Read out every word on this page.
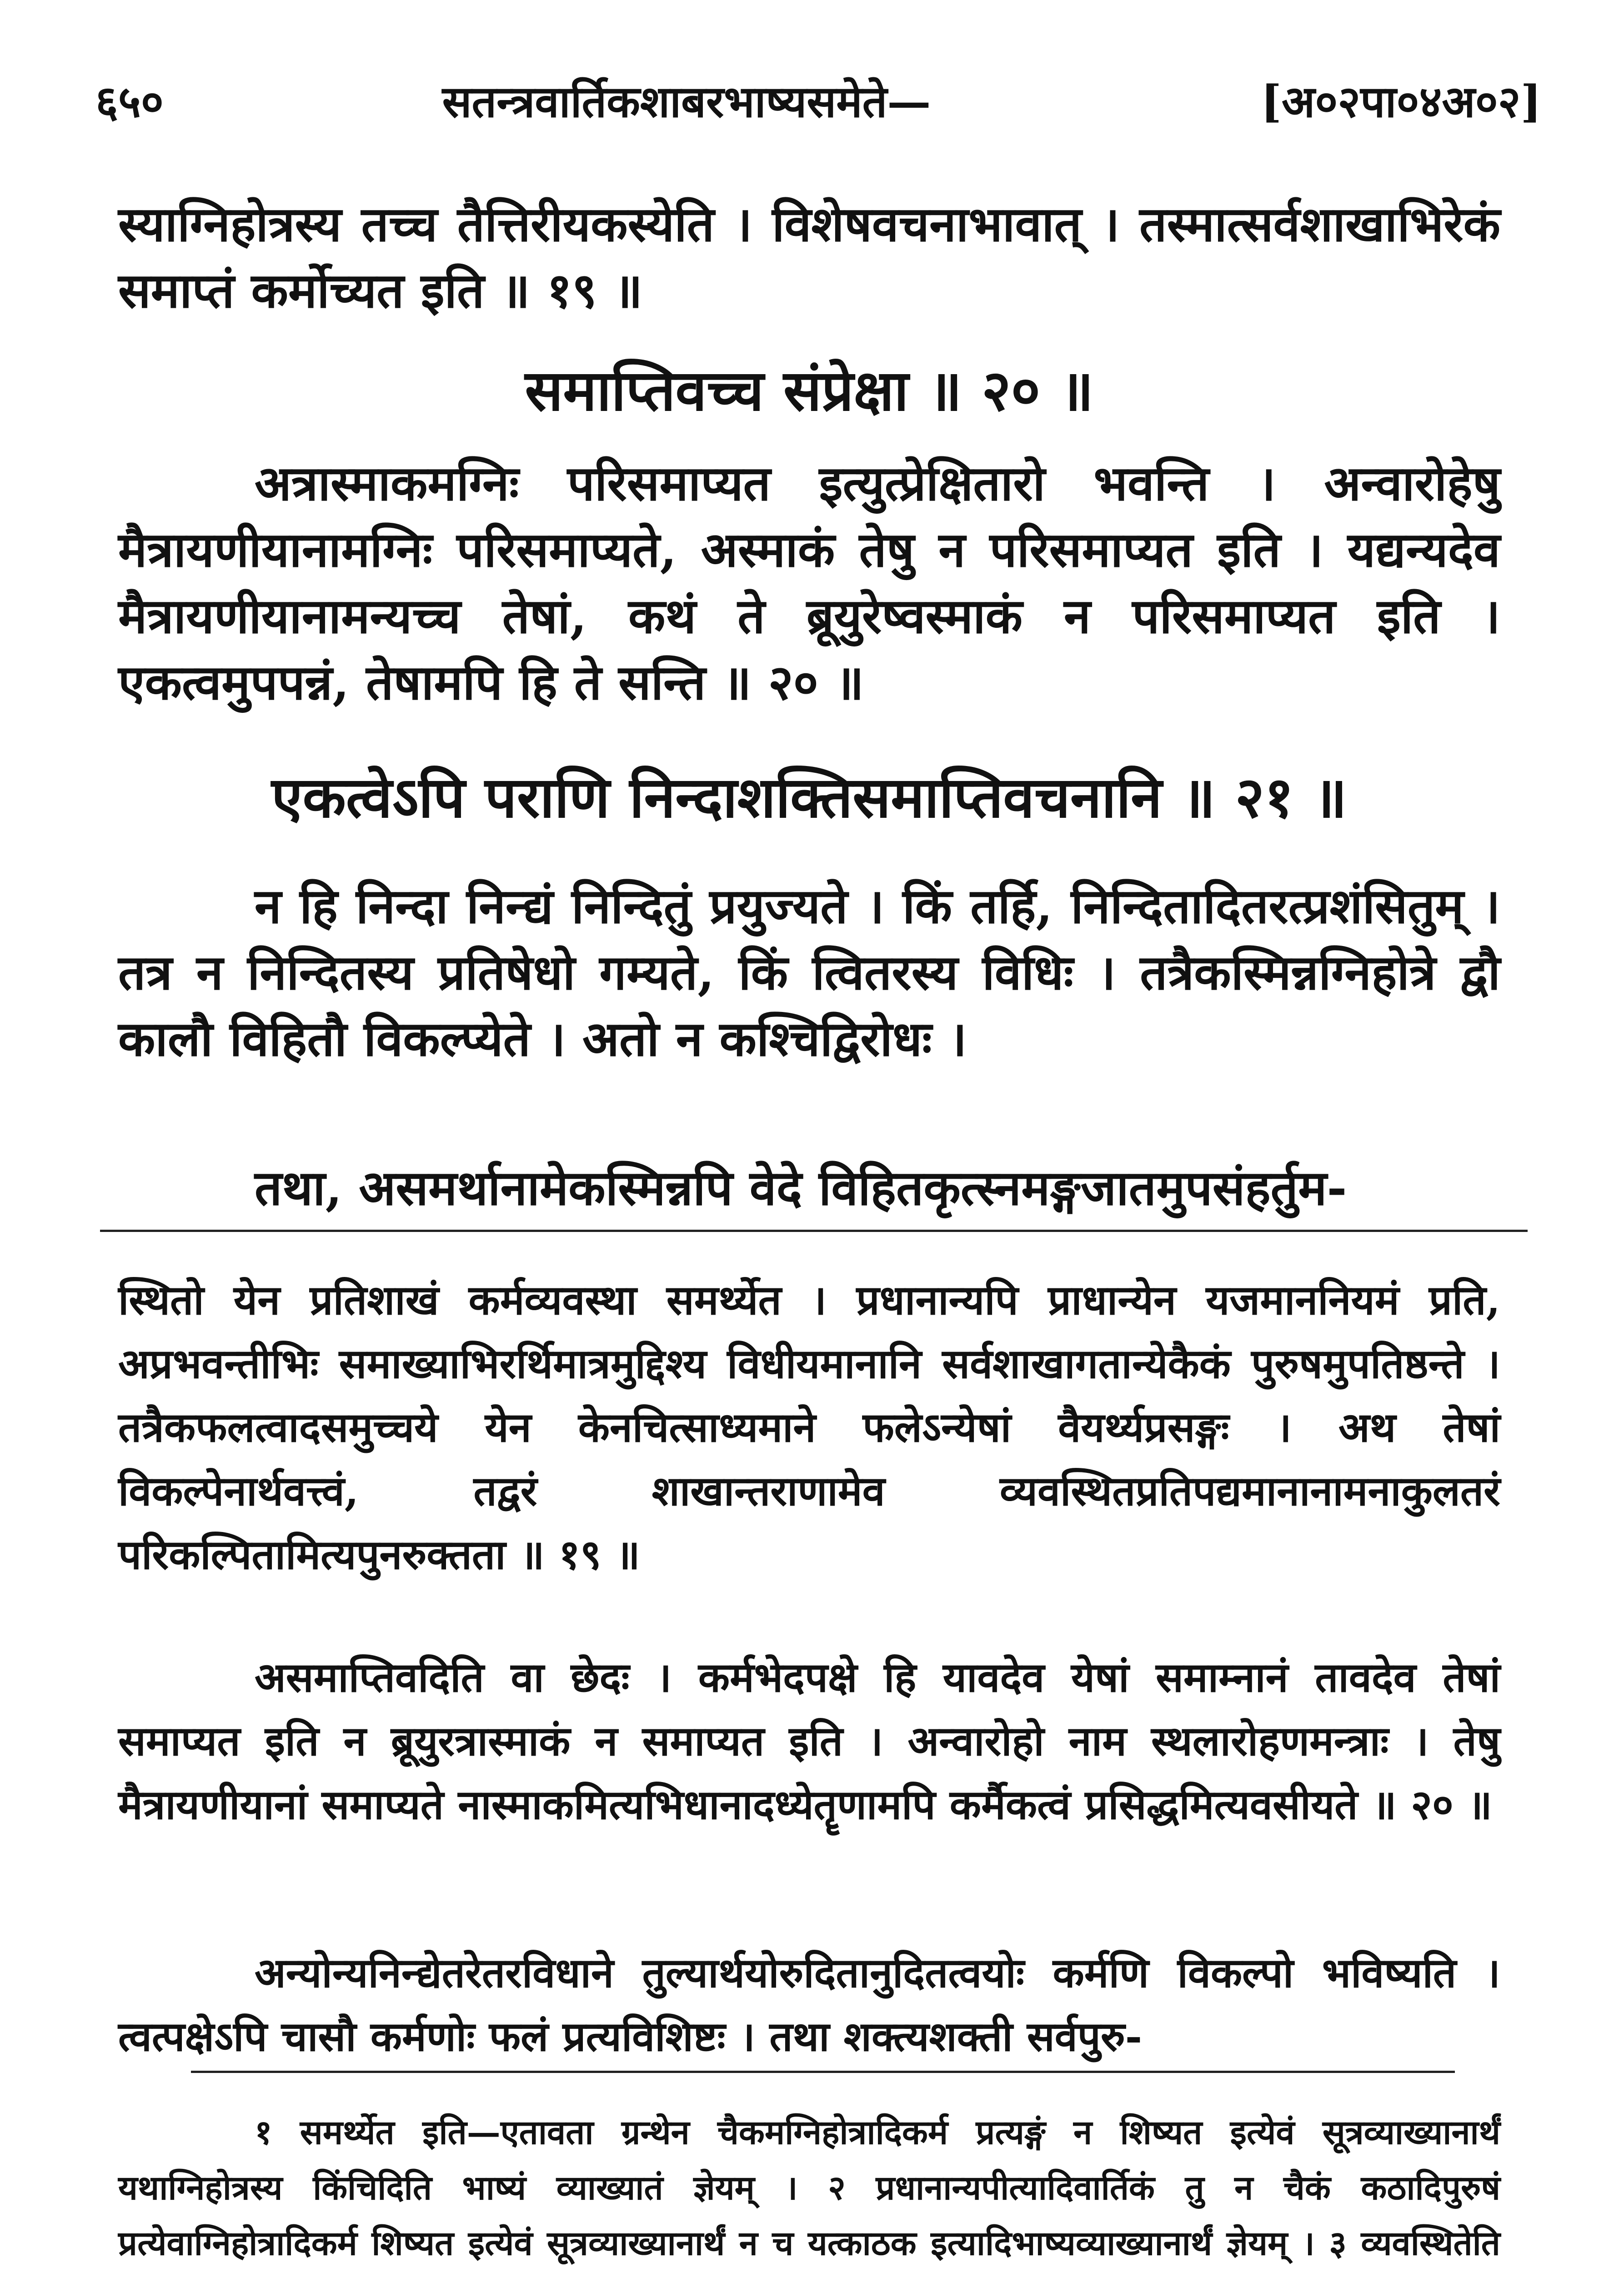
६५०	सतन्त्रवार्तिकशाबरभाष्यसमेते—	[अ०२पा०४अ०२]
स्याग्निहोत्रस्य तच्च तैत्तिरीयकस्येति । विशेषवचनाभावात् । तस्मात्सर्वशाखाभिरेकं समाप्तं कर्मोच्यत इति ॥ १९ ॥
समाप्तिवच्च संप्रेक्षा ॥ २० ॥
अत्रास्माकमग्निः परिसमाप्यत इत्युत्प्रेक्षितारो भवन्ति । अन्वारोहेषु मैत्रायणीयानामग्निः परिसमाप्यते, अस्माकं तेषु न परिसमाप्यत इति । यद्यन्यदेव मैत्रायणीयानामन्यच्च तेषां, कथं ते ब्रूयुरेष्वस्माकं न परिसमाप्यत इति । एकत्वमुपपन्नं, तेषामपि हि ते सन्ति ॥ २० ॥
एकत्वेऽपि पराणि निन्दाशक्तिसमाप्तिवचनानि ॥ २१ ॥
न हि निन्दा निन्द्यं निन्दितुं प्रयुज्यते । किं तर्हि, निन्दितादितरत्प्रशंसितुम् । तत्र न निन्दितस्य प्रतिषेधो गम्यते, किं त्वितरस्य विधिः । तत्रैकस्मिन्नग्निहोत्रे द्वौ कालौ विहितौ विकल्प्येते । अतो न कश्चिद्विरोधः ।
तथा, असमर्थानामेकस्मिन्नपि वेदे विहितकृत्स्नमङ्गजातमुपसंहर्तुम-
स्थितो येन प्रतिशाखं कर्मव्यवस्था समर्थ्येत । प्रधानान्यपि प्राधान्येन यजमाननियमं प्रति, अप्रभवन्तीभिः समाख्याभिरर्थिमात्रमुद्दिश्य विधीयमानानि सर्वशाखागतान्येकैकं पुरुषमुपतिष्ठन्ते । तत्रैकफलत्वादसमुच्चये येन केनचित्साध्यमाने फलेऽन्येषां वैयर्थ्यप्रसङ्गः । अथ तेषां विकल्पेनार्थवत्त्वं, तद्वरं शाखान्तराणामेव व्यवस्थितप्रतिपद्यमानानामनाकुलतरं परिकल्पितामित्यपुनरुक्तता ॥ १९ ॥
असमाप्तिवदिति वा छेदः । कर्मभेदपक्षे हि यावदेव येषां समाम्नानं तावदेव तेषां समाप्यत इति न ब्रूयुरत्रास्माकं न समाप्यत इति । अन्वारोहो नाम स्थलारोहणमन्त्राः । तेषु मैत्रायणीयानां समाप्यते नास्माकमित्यभिधानादध्येतॄणामपि कर्मैकत्वं प्रसिद्धमित्यवसीयते ॥ २० ॥
अन्योन्यनिन्द्येतरेतरविधाने तुल्यार्थयोरुदितानुदितत्वयोः कर्मणि विकल्पो भविष्यति । त्वत्पक्षेऽपि चासौ कर्मणोः फलं प्रत्यविशिष्टः । तथा शक्त्यशक्ती सर्वपुरु-
१ समर्थ्येत इति—एतावता ग्रन्थेन चैकमग्निहोत्रादिकर्म प्रत्यङ्गं न शिष्यत इत्येवं सूत्रव्याख्यानार्थं यथाग्निहोत्रस्य किंचिदिति भाष्यं व्याख्यातं ज्ञेयम् । २ प्रधानान्यपीत्यादिवार्तिकं तु न चैकं कठादिपुरुषं प्रत्येवाग्निहोत्रादिकर्म शिष्यत इत्येवं सूत्रव्याख्यानार्थं न च यत्काठक इत्यादिभाष्यव्याख्यानार्थं ज्ञेयम् । ३ व्यवस्थितेति
